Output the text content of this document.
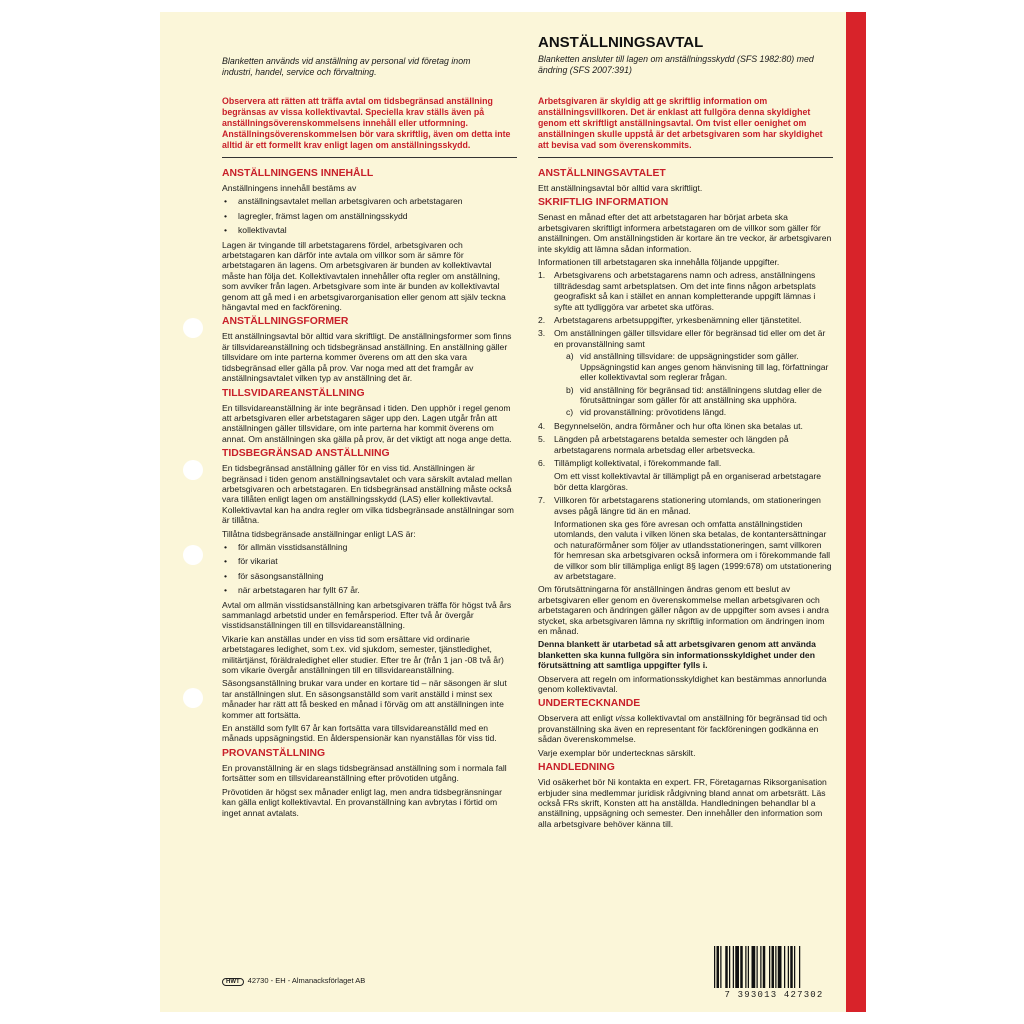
Blanketten används vid anställning av personal vid företag inom industri, handel, service och förvaltning.
ANSTÄLLNINGSAVTAL
Blanketten ansluter till lagen om anställningsskydd (SFS 1982:80) med ändring (SFS 2007:391)
Observera att rätten att träffa avtal om tidsbegränsad anställning begränsas av vissa kollektivavtal. Speciella krav ställs även på anställningsöverenskommelsens innehåll eller utformning. Anställningsöverenskommelsen bör vara skriftlig, även om detta inte alltid är ett formellt krav enligt lagen om anställningsskydd.
Arbetsgivaren är skyldig att ge skriftlig information om anställningsvillkoren. Det är enklast att fullgöra denna skyldighet genom ett skriftligt anställningsavtal. Om tvist eller oenighet om anställningen skulle uppstå är det arbetsgivaren som har skyldighet att bevisa vad som överenskommits.
ANSTÄLLNINGENS INNEHÅLL

Anställningens innehåll bestäms av

• anställningsavtalet mellan arbetsgivaren och arbetstagaren
• lagregler, främst lagen om anställningsskydd
• kollektivavtal

Lagen är tvingande till arbetstagarens fördel, arbetsgivaren och arbetstagaren kan därför inte avtala om villkor som är sämre för arbetstagaren än lagens. Om arbetsgivaren är bunden av kollektivavtal måste han följa det. Kollektivavtalen innehåller ofta regler om anställning, som avviker från lagen. Arbetsgivare som inte är bunden av kollektivavtal genom att gå med i en arbetsgivarorganisation eller genom att själv teckna hängavtal med en fackförening.

ANSTÄLLNINGSFORMER

Ett anställningsavtal bör alltid vara skriftligt. De anställningsformer som finns är tillsvidareanställning och tidsbegränsad anställning. En anställning gäller tillsvidare om inte parterna kommer överens om att den ska vara tidsbegränsad eller gälla på prov. Var noga med att det framgår av anställningsavtalet vilken typ av anställning det är.

TILLSVIDAREANSTÄLLNING

En tillsvidareanställning är inte begränsad i tiden. Den upphör i regel genom att arbetsgivaren eller arbetstagaren säger upp den. Lagen utgår från att anställningen gäller tillsvidare, om inte parterna har kommit överens om annat. Om anställningen ska gälla på prov, är det viktigt att noga ange detta.

TIDSBEGRÄNSAD ANSTÄLLNING

En tidsbegränsad anställning gäller för en viss tid. Anställningen är begränsad i tiden genom anställningsavtalet och vara särskilt avtalad mellan arbetsgivaren och arbetstagaren. En tidsbegränsad anställning måste också vara tillåten enligt lagen om anställningsskydd (LAS) eller kollektivavtal. Kollektivavtal kan ha andra regler om vilka tidsbegränsade anställningar som är tillåtna.

Tillåtna tidsbegränsade anställningar enligt LAS är:

• för allmän visstidsanställning
• för vikariat
• för säsongsanställning
• när arbetstagaren har fyllt 67 år.

Avtal om allmän visstidsanställning kan arbetsgivaren träffa för högst två års sammanlagd arbetstid under en femårsperiod. Efter två år övergår visstidsanställningen till en tillsvidareanställning.

Vikarie kan anställas under en viss tid som ersättare vid ordinarie arbetstagares ledighet, som t.ex. vid sjukdom, semester, tjänstledighet, militärtjänst, föräldraledighet eller studier. Efter tre år (från 1 jan -08 två år) som vikarie övergår anställningen till en tillsvidareanställning.

Säsongsanställning brukar vara under en kortare tid – när säsongen är slut tar anställningen slut. En säsongsanställd som varit anställd i minst sex månader har rätt att få besked en månad i förväg om att anställningen inte kommer att fortsätta.

En anställd som fyllt 67 år kan fortsätta vara tillsvidareanställd med en månads uppsägningstid. En ålderspensionär kan nyanställas för viss tid.

PROVANSTÄLLNING

En provanställning är en slags tidsbegränsad anställning som i normala fall fortsätter som en tillsvidareanställning efter prövotiden utgång.

Prövotiden är högst sex månader enligt lag, men andra tidsbegränsningar kan gälla enligt kollektivavtal. En provanställning kan avbrytas i förtid om inget annat avtalats.

ANSTÄLLNINGSAVTALET

Ett anställningsavtal bör alltid vara skriftligt.

SKRIFTLIG INFORMATION

Senast en månad efter det att arbetstagaren har börjat arbeta ska arbetsgivaren skriftligt informera arbetstagaren om de villkor som gäller för anställningen. Om anställningstiden är kortare än tre veckor, är arbetsgivaren inte skyldig att lämna sådan information.

Informationen till arbetstagaren ska innehålla följande uppgifter.

1. Arbetsgivarens och arbetstagarens namn och adress, anställningens tillträdesdag samt arbetsplatsen. Om det inte finns någon arbetsplats geografiskt så kan i stället en annan kompletterande uppgift lämnas i syfte att tydliggöra var arbetet ska utföras.
2. Arbetstagarens arbetsuppgifter, yrkesbenämning eller tjänstetitel.
3. Om anställningen gäller tillsvidare eller för begränsad tid eller om det är en provanställning samt
a) vid anställning tillsvidare: de uppsägningstider som gäller. Uppsägningstid kan anges genom hänvisning till lag, författningar eller kollektivavtal som reglerar frågan.
b) vid anställning för begränsad tid: anställningens slutdag eller de förutsättningar som gäller för att anställning ska upphöra.
c) vid provanställning: prövotidens längd.
4. Begynnelselön, andra förmåner och hur ofta lönen ska betalas ut.
5. Längden på arbetstagarens betalda semester och längden på arbetstagarens normala arbetsdag eller arbetsvecka.
6. Tillämpligt kollektivatal, i förekommande fall.
Om ett visst kollektivavtal är tillämpligt på en organiserad arbetstagare bör detta klargöras.
7. Villkoren för arbetstagarens stationering utomlands, om stationeringen avses pågå längre tid än en månad.
Informationen ska ges före avresan och omfatta anställningstiden utomlands, den valuta i vilken lönen ska betalas, de kontantersättningar och naturaförmåner som följer av utlandsstationeringen, samt villkoren för hemresan ska arbetsgivaren också informera om i förekommande fall de villkor som blir tillämpliga enligt 8§ lagen (1999:678) om utstationering av arbetstagare.

Om förutsättningarna för anställningen ändras genom ett beslut av arbetsgivaren eller genom en överenskommelse mellan arbetsgivaren och arbetstagaren och ändringen gäller någon av de uppgifter som avses i andra stycket, ska arbetsgivaren lämna ny skriftlig information om ändringen inom en månad.

Denna blankett är utarbetad så att arbetsgivaren genom att använda blanketten ska kunna fullgöra sin informationsskyldighet under den förutsättning att samtliga uppgifter fylls i.

Observera att regeln om informationsskyldighet kan bestämmas annorlunda genom kollektivavtal.

UNDERTECKNANDE

Observera att enligt vissa kollektivavtal om anställning för begränsad tid och provanställning ska även en representant för fackföreningen godkänna en sådan överenskommelse.

Varje exemplar bör undertecknas särskilt.

HANDLEDNING

Vid osäkerhet bör Ni kontakta en expert. FR, Företagarnas Riksorganisation erbjuder sina medlemmar juridisk rådgivning bland annat om arbetsrätt. Läs också FRs skrift, Konsten att ha anställda. Handledningen behandlar bl a anställning, uppsägning och semester. Den innehåller den information som alla arbetsgivare behöver känna till.

HWT 42730 - EH - Almanacksförlaget AB
7 393013 427302
